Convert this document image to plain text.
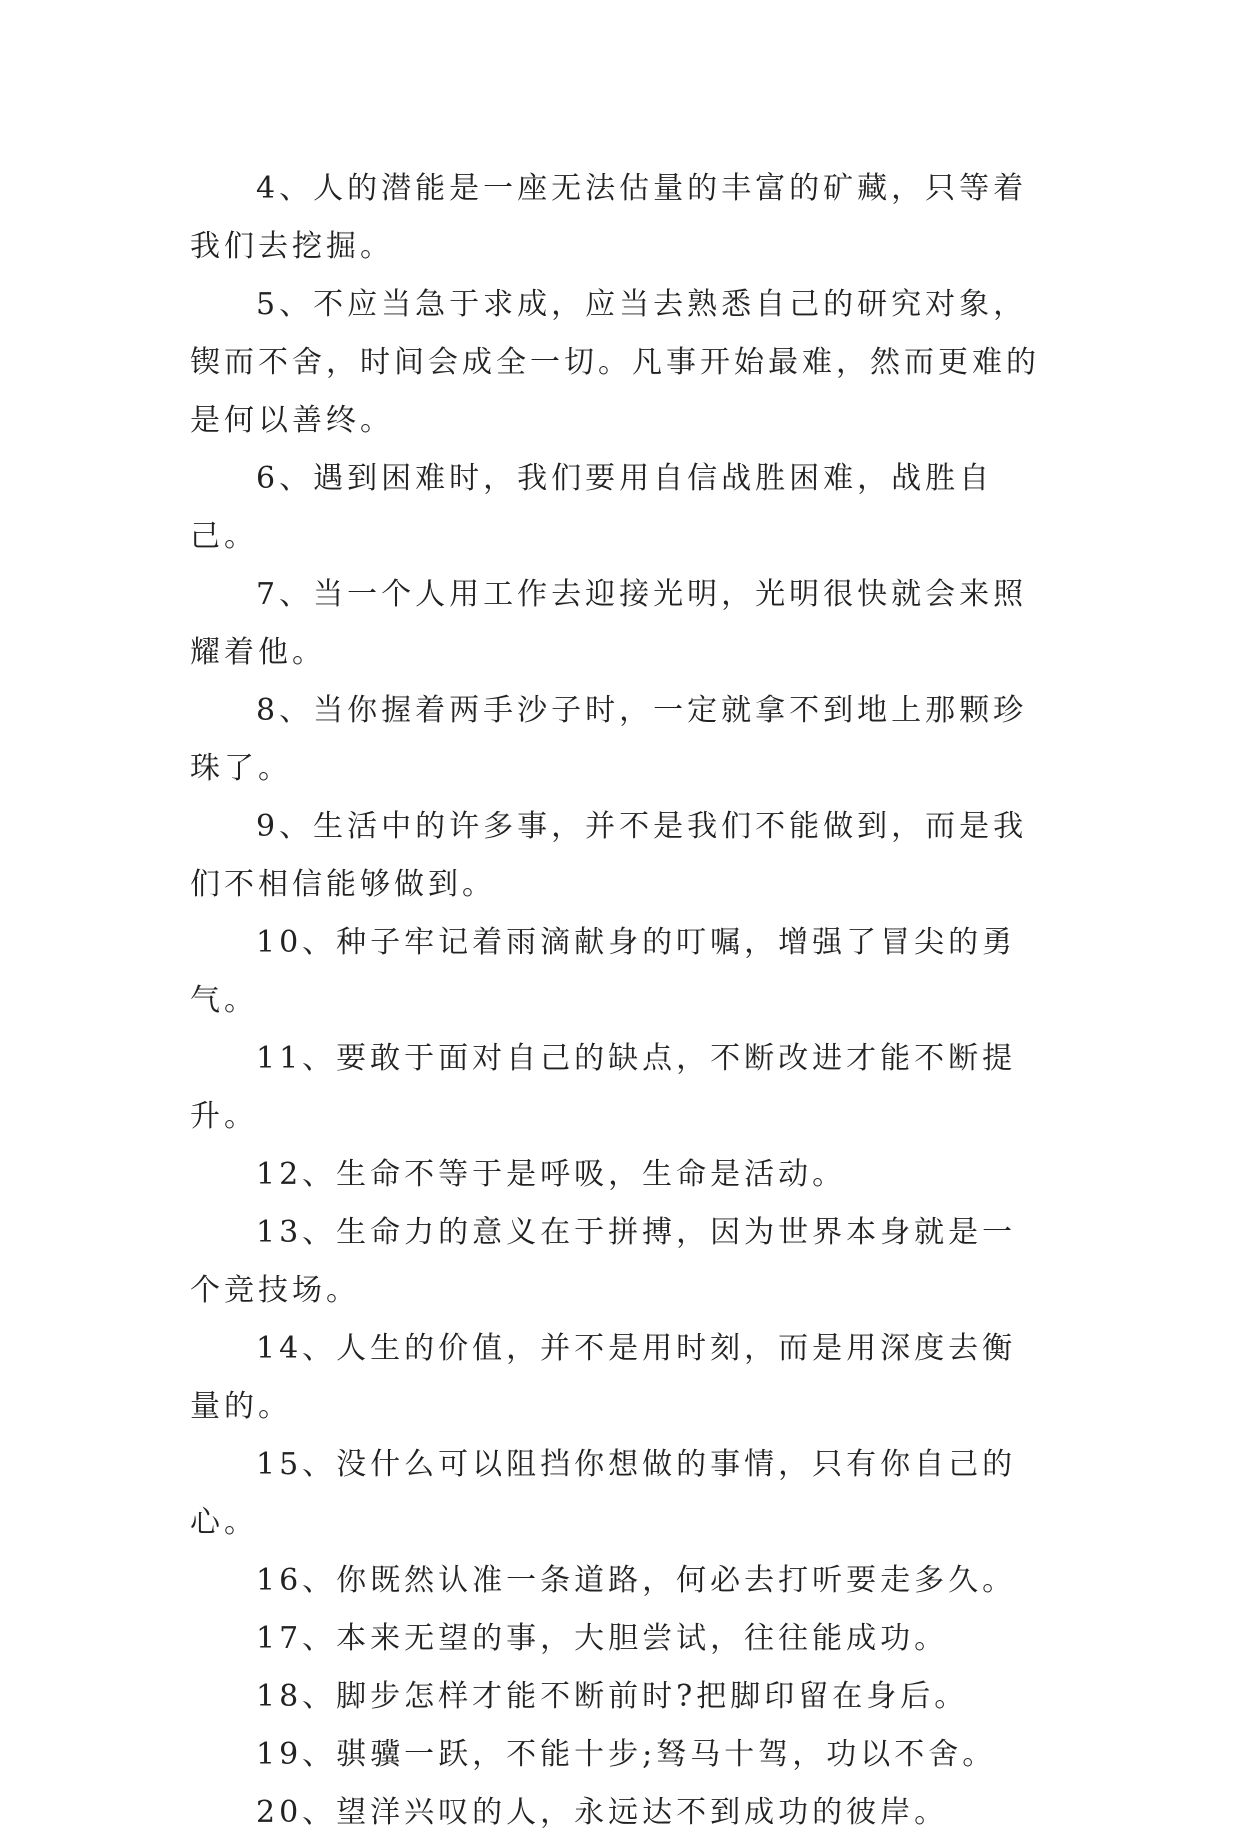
4、人的潜能是一座无法估量的丰富的矿藏，只等着我们去挖掘。

5、不应当急于求成，应当去熟悉自己的研究对象，锲而不舍，时间会成全一切。凡事开始最难，然而更难的是何以善终。

6、遇到困难时，我们要用自信战胜困难，战胜自己。

7、当一个人用工作去迎接光明，光明很快就会来照耀着他。

8、当你握着两手沙子时，一定就拿不到地上那颗珍珠了。

9、生活中的许多事，并不是我们不能做到，而是我们不相信能够做到。

10、种子牢记着雨滴献身的叮嘱，增强了冒尖的勇气。

11、要敢于面对自己的缺点，不断改进才能不断提升。

12、生命不等于是呼吸，生命是活动。

13、生命力的意义在于拼搏，因为世界本身就是一个竞技场。

14、人生的价值，并不是用时刻，而是用深度去衡量的。

15、没什么可以阻挡你想做的事情，只有你自己的心。

16、你既然认准一条道路，何必去打听要走多久。

17、本来无望的事，大胆尝试，往往能成功。

18、脚步怎样才能不断前时?把脚印留在身后。

19、骐骥一跃，不能十步;驽马十驾，功以不舍。

20、望洋兴叹的人，永远达不到成功的彼岸。
